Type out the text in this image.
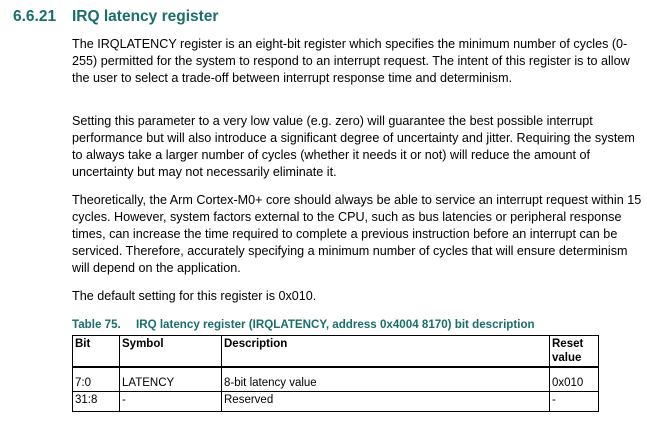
6.6.21 IRQ latency register
The IRQLATENCY register is an eight-bit register which specifies the minimum number of cycles (0-255) permitted for the system to respond to an interrupt request. The intent of this register is to allow the user to select a trade-off between interrupt response time and determinism.
Setting this parameter to a very low value (e.g. zero) will guarantee the best possible interrupt performance but will also introduce a significant degree of uncertainty and jitter. Requiring the system to always take a larger number of cycles (whether it needs it or not) will reduce the amount of uncertainty but may not necessarily eliminate it.
Theoretically, the Arm Cortex-M0+ core should always be able to service an interrupt request within 15 cycles. However, system factors external to the CPU, such as bus latencies or peripheral response times, can increase the time required to complete a previous instruction before an interrupt can be serviced. Therefore, accurately specifying a minimum number of cycles that will ensure determinism will depend on the application.
The default setting for this register is 0x010.
Table 75. IRQ latency register (IRQLATENCY, address 0x4004 8170) bit description
Bit	Symbol	Description	Reset value
7:0	LATENCY	8-bit latency value	0x010
31:8	-	Reserved	-
